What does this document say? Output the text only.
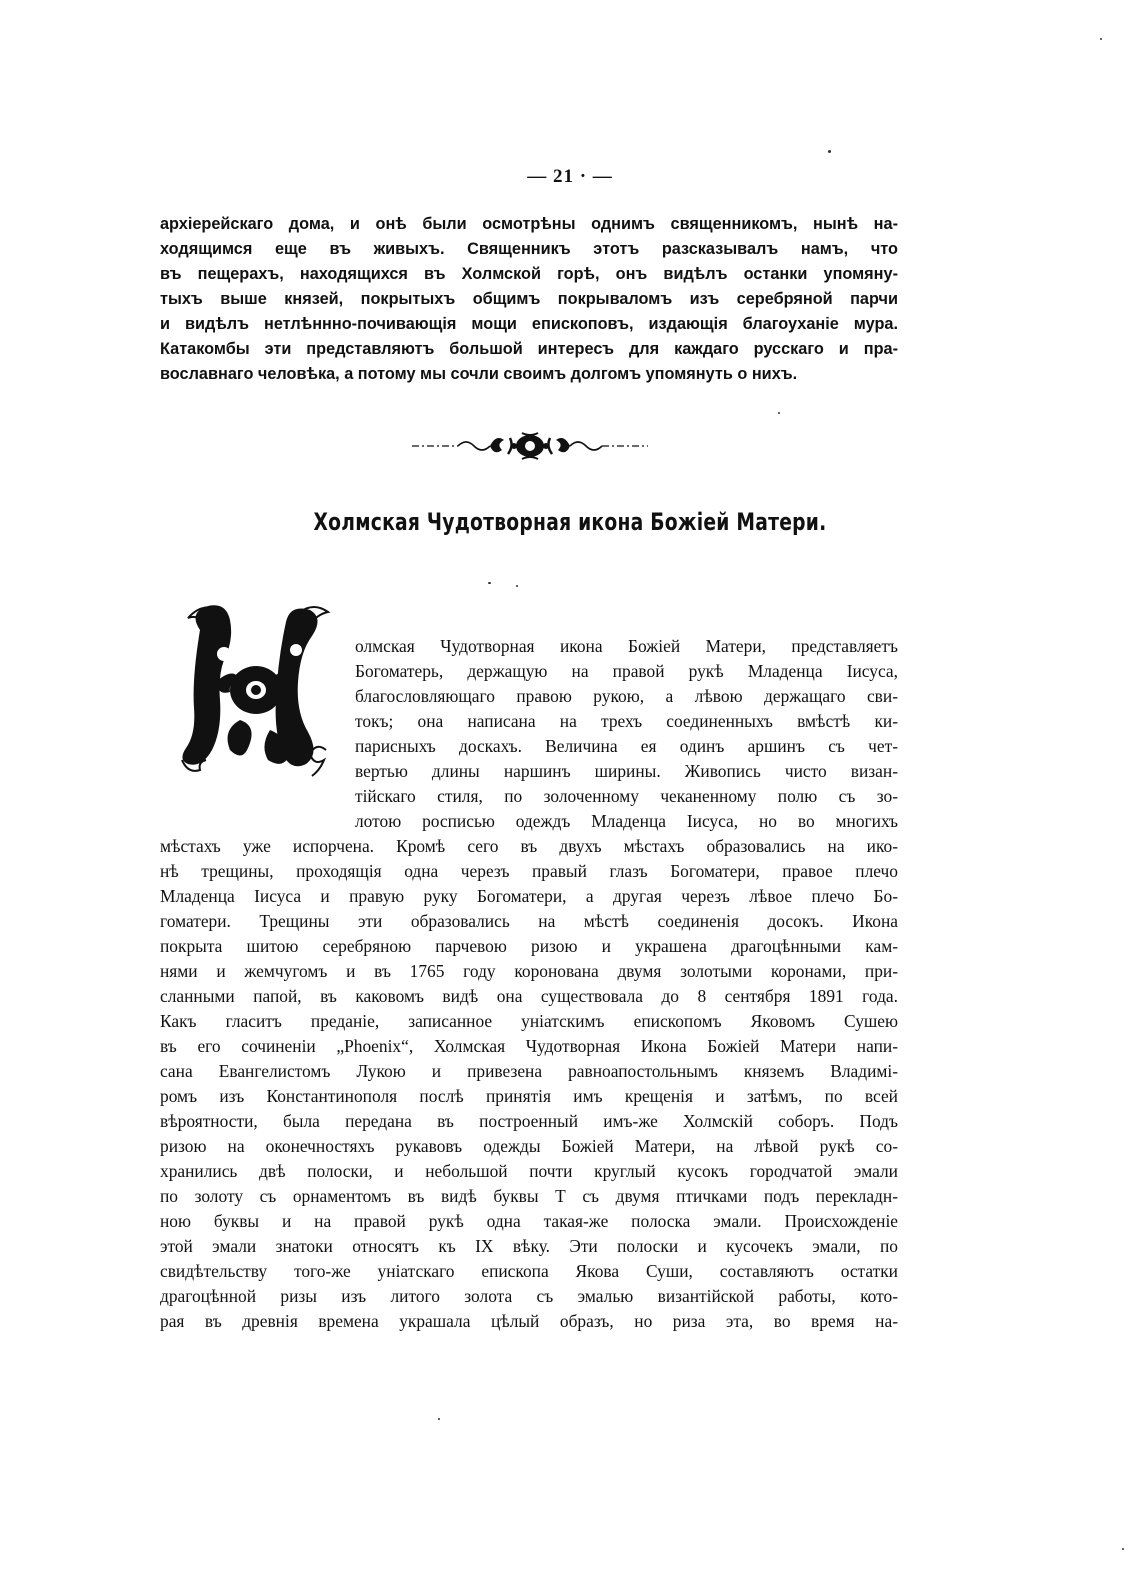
— 21 · —
архіерейскаго дома, и онѣ были осмотрѣны однимъ священникомъ, нынѣ на-
ходящимся еще въ живыхъ. Священникъ этотъ разсказывалъ намъ, что
въ пещерахъ, находящихся въ Холмской горѣ, онъ видѣлъ останки упомяну-
тыхъ выше князей, покрытыхъ общимъ покрываломъ изъ серебряной парчи
и видѣлъ нетлѣннно-почивающія мощи епископовъ, издающія благоуханіе мура.
Катакомбы эти представляютъ большой интересъ для каждаго русскаго и пра-
вославнаго человѣка, а потому мы сочли своимъ долгомъ упомянуть о нихъ.
Холмская Чудотворная икона Божіей Матери.
олмская Чудотворная икона Божіей Матери, представляетъ
Богоматерь, держащую на правой рукѣ Младенца Іисуса,
благословляющаго правою рукою, а лѣвою держащаго сви-
токъ; она написана на трехъ соединенныхъ вмѣстѣ ки-
парисныхъ доскахъ. Величина ея одинъ аршинъ съ чет-
вертью длины наршинъ ширины. Живопись чисто визан-
тійскаго стиля, по золоченному чеканенному полю съ зо-
лотою росписью одеждъ Младенца Іисуса, но во многихъ
мѣстахъ уже испорчена. Кромѣ сего въ двухъ мѣстахъ образовались на ико-
нѣ трещины, проходящія одна черезъ правый глазъ Богоматери, правое плечо
Младенца Іисуса и правую руку Богоматери, а другая черезъ лѣвое плечо Бо-
гоматери. Трещины эти образовались на мѣстѣ соединенія досокъ. Икона
покрыта шитою серебряною парчевою ризою и украшена драгоцѣнными кам-
нями и жемчугомъ и въ 1765 году коронована двумя золотыми коронами, при-
сланными папой, въ каковомъ видѣ она существовала до 8 сентября 1891 года.
Какъ гласитъ преданіе, записанное уніатскимъ епископомъ Яковомъ Сушею
въ его сочиненіи „Phoenix“, Холмская Чудотворная Икона Божіей Матери напи-
сана Евангелистомъ Лукою и привезена равноапостольнымъ княземъ Владимі-
ромъ изъ Константинополя послѣ принятія имъ крещенія и затѣмъ, по всей
вѣроятности, была передана въ построенный имъ-же Холмскій соборъ. Подъ
ризою на оконечностяхъ рукавовъ одежды Божіей Матери, на лѣвой рукѣ со-
хранились двѣ полоски, и небольшой почти круглый кусокъ городчатой эмали
по золоту съ орнаментомъ въ видѣ буквы Т съ двумя птичками подъ перекладн-
ною буквы и на правой рукѣ одна такая-же полоска эмали. Происхожденіе
этой эмали знатоки относятъ къ IX вѣку. Эти полоски и кусочекъ эмали, по
свидѣтельству того-же уніатскаго епископа Якова Суши, составляютъ остатки
драгоцѣнной ризы изъ литого золота съ эмалью византійской работы, кото-
рая въ древнія времена украшала цѣлый образъ, но риза эта, во время на-
